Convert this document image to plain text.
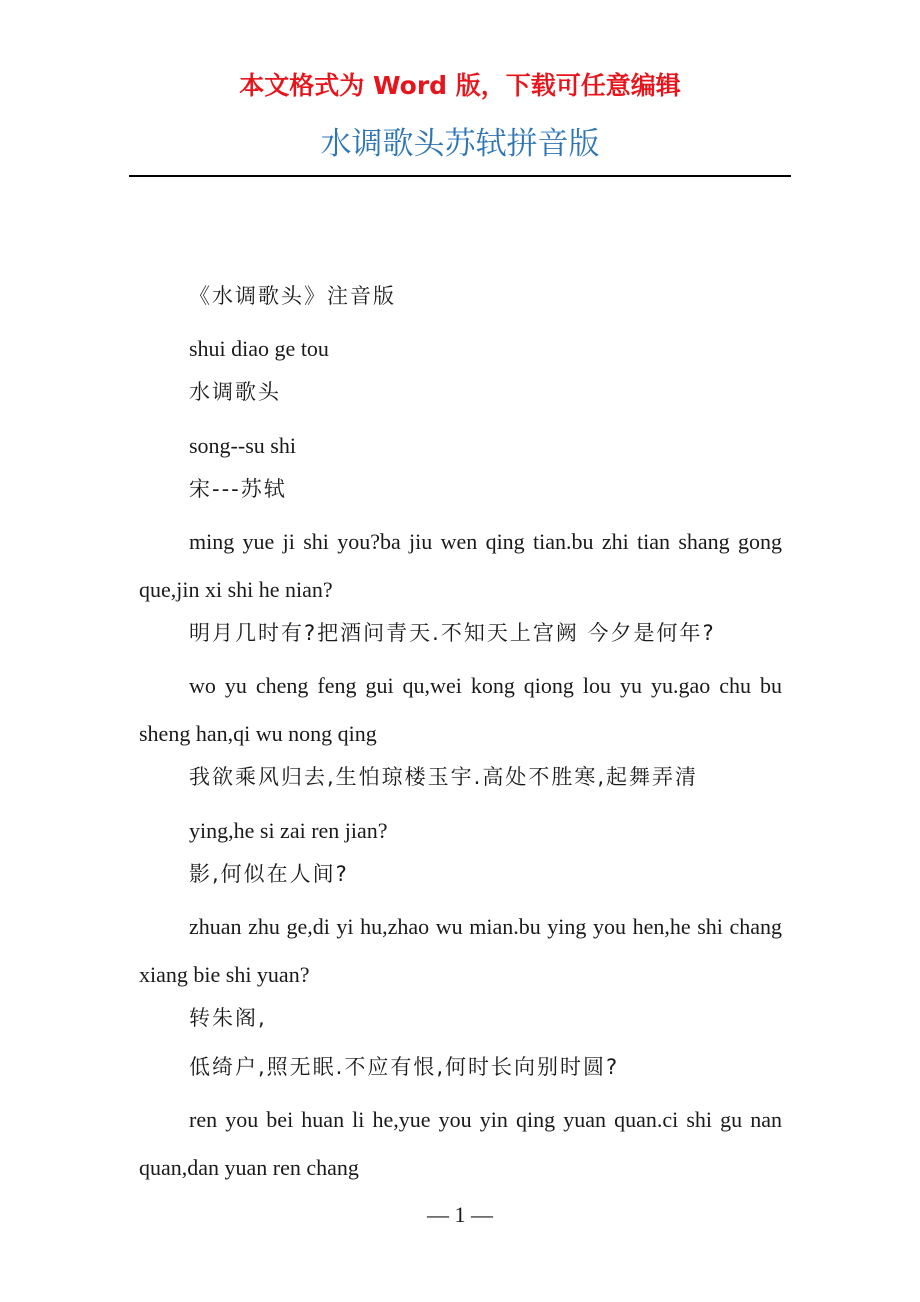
本文格式为 Word 版，下载可任意编辑
水调歌头苏轼拼音版
《水调歌头》注音版
shui diao ge tou
水调歌头
song--su shi
宋---苏轼
ming yue ji shi you?ba jiu wen qing tian.bu zhi tian shang gong que,jin xi shi he nian?
明月几时有?把酒问青天.不知天上宫阙 今夕是何年?
wo yu cheng feng gui qu,wei kong qiong lou yu yu.gao chu bu sheng han,qi wu nong qing
我欲乘风归去,生怕琼楼玉宇.高处不胜寒,起舞弄清
ying,he si zai ren jian?
影,何似在人间?
zhuan zhu ge,di yi hu,zhao wu mian.bu ying you hen,he shi chang xiang bie shi yuan?
转朱阁,
低绮户,照无眠.不应有恨,何时长向别时圆?
ren you bei huan li he,yue you yin qing yuan quan.ci shi gu nan quan,dan yuan ren chang
— 1 —
